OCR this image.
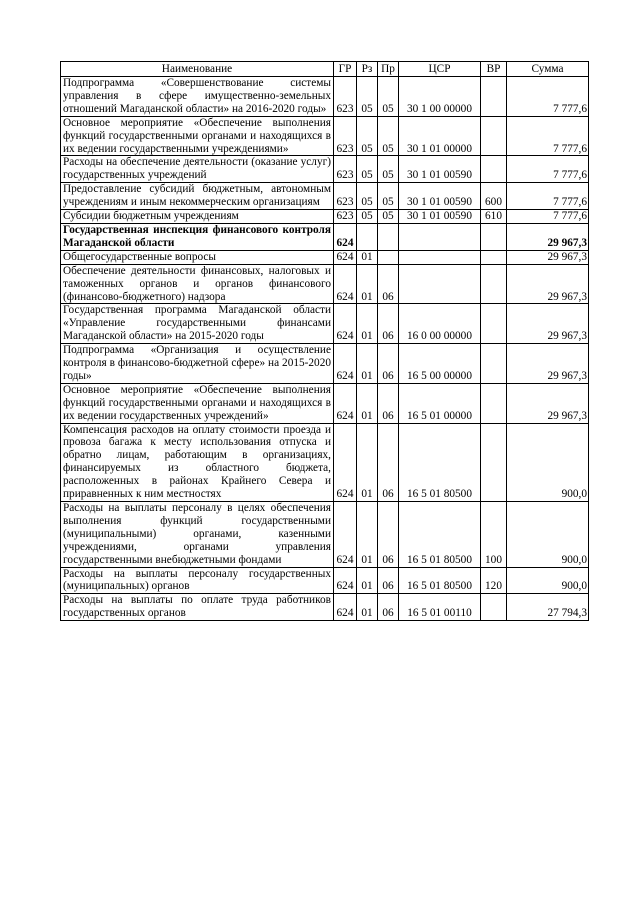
Наименование	ГР	Рз	Пр	ЦСР	ВР	Сумма
Подпрограмма «Совершенствование системы управления в сфере имущественно-земельных отношений Магаданской области» на 2016-2020 годы»	623	05	05	30 1 00 00000		7 777,6
Основное мероприятие «Обеспечение выполнения функций государственными органами и находящихся в их ведении государственными учреждениями»	623	05	05	30 1 01 00000		7 777,6
Расходы на обеспечение деятельности (оказание услуг) государственных учреждений	623	05	05	30 1 01 00590		7 777,6
Предоставление субсидий бюджетным, автономным учреждениям и иным некоммерческим организациям	623	05	05	30 1 01 00590	600	7 777,6
Субсидии бюджетным учреждениям	623	05	05	30 1 01 00590	610	7 777,6
Государственная инспекция финансового контроля Магаданской области	624					29 967,3
Общегосударственные вопросы	624	01				29 967,3
Обеспечение деятельности финансовых, налоговых и таможенных органов и органов финансового (финансово-бюджетного) надзора	624	01	06			29 967,3
Государственная программа Магаданской области «Управление государственными финансами Магаданской области» на 2015-2020 годы	624	01	06	16 0 00 00000		29 967,3
Подпрограмма «Организация и осуществление контроля в финансово-бюджетной сфере» на 2015-2020 годы»	624	01	06	16 5 00 00000		29 967,3
Основное мероприятие «Обеспечение выполнения функций государственными органами и находящихся в их ведении государственных учреждений»	624	01	06	16 5 01 00000		29 967,3
Компенсация расходов на оплату стоимости проезда и провоза багажа к месту использования отпуска и обратно лицам, работающим в организациях, финансируемых из областного бюджета, расположенных в районах Крайнего Севера и приравненных к ним местностях	624	01	06	16 5 01 80500		900,0
Расходы на выплаты персоналу в целях обеспечения выполнения функций государственными (муниципальными) органами, казенными учреждениями, органами управления государственными внебюджетными фондами	624	01	06	16 5 01 80500	100	900,0
Расходы на выплаты персоналу государственных (муниципальных) органов	624	01	06	16 5 01 80500	120	900,0
Расходы на выплаты по оплате труда работников государственных органов	624	01	06	16 5 01 00110		27 794,3
